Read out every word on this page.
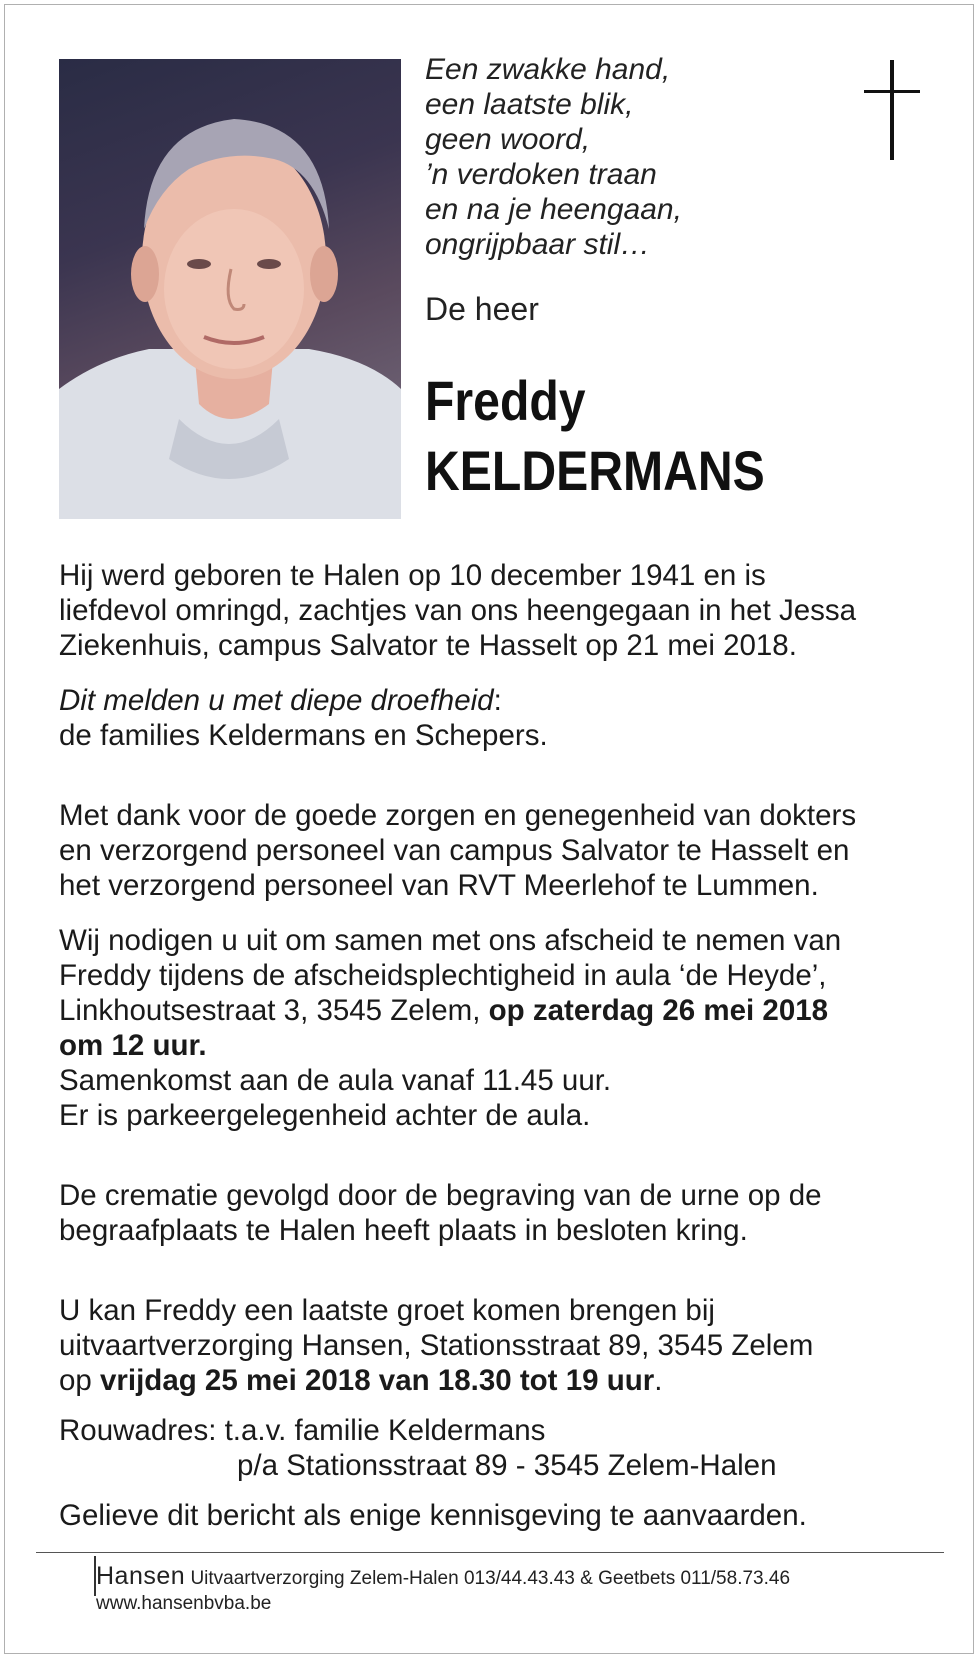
Een zwakke hand,
een laatste blik,
geen woord,
’n verdoken traan
en na je heengaan,
ongrijpbaar stil…
De heer
Freddy
KELDERMANS

Hij werd geboren te Halen op 10 december 1941 en is
liefdevol omringd, zachtjes van ons heengegaan in het Jessa
Ziekenhuis, campus Salvator te Hasselt op 21 mei 2018.

Dit melden u met diepe droefheid:
de families Keldermans en Schepers.

Met dank voor de goede zorgen en genegenheid van dokters
en verzorgend personeel van campus Salvator te Hasselt en
het verzorgend personeel van RVT Meerlehof te Lummen.

Wij nodigen u uit om samen met ons afscheid te nemen van
Freddy tijdens de afscheidsplechtigheid in aula ‘de Heyde’,
Linkhoutsestraat 3, 3545 Zelem, op zaterdag 26 mei 2018
om 12 uur.
Samenkomst aan de aula vanaf 11.45 uur.
Er is parkeergelegenheid achter de aula.

De crematie gevolgd door de begraving van de urne op de
begraafplaats te Halen heeft plaats in besloten kring.

U kan Freddy een laatste groet komen brengen bij
uitvaartverzorging Hansen, Stationsstraat 89, 3545 Zelem
op vrijdag 25 mei 2018 van 18.30 tot 19 uur.

Rouwadres: t.a.v. familie Keldermans
p/a Stationsstraat 89 - 3545 Zelem-Halen

Gelieve dit bericht als enige kennisgeving te aanvaarden.

Hansen Uitvaartverzorging Zelem-Halen 013/44.43.43 & Geetbets 011/58.73.46
www.hansenbvba.be
